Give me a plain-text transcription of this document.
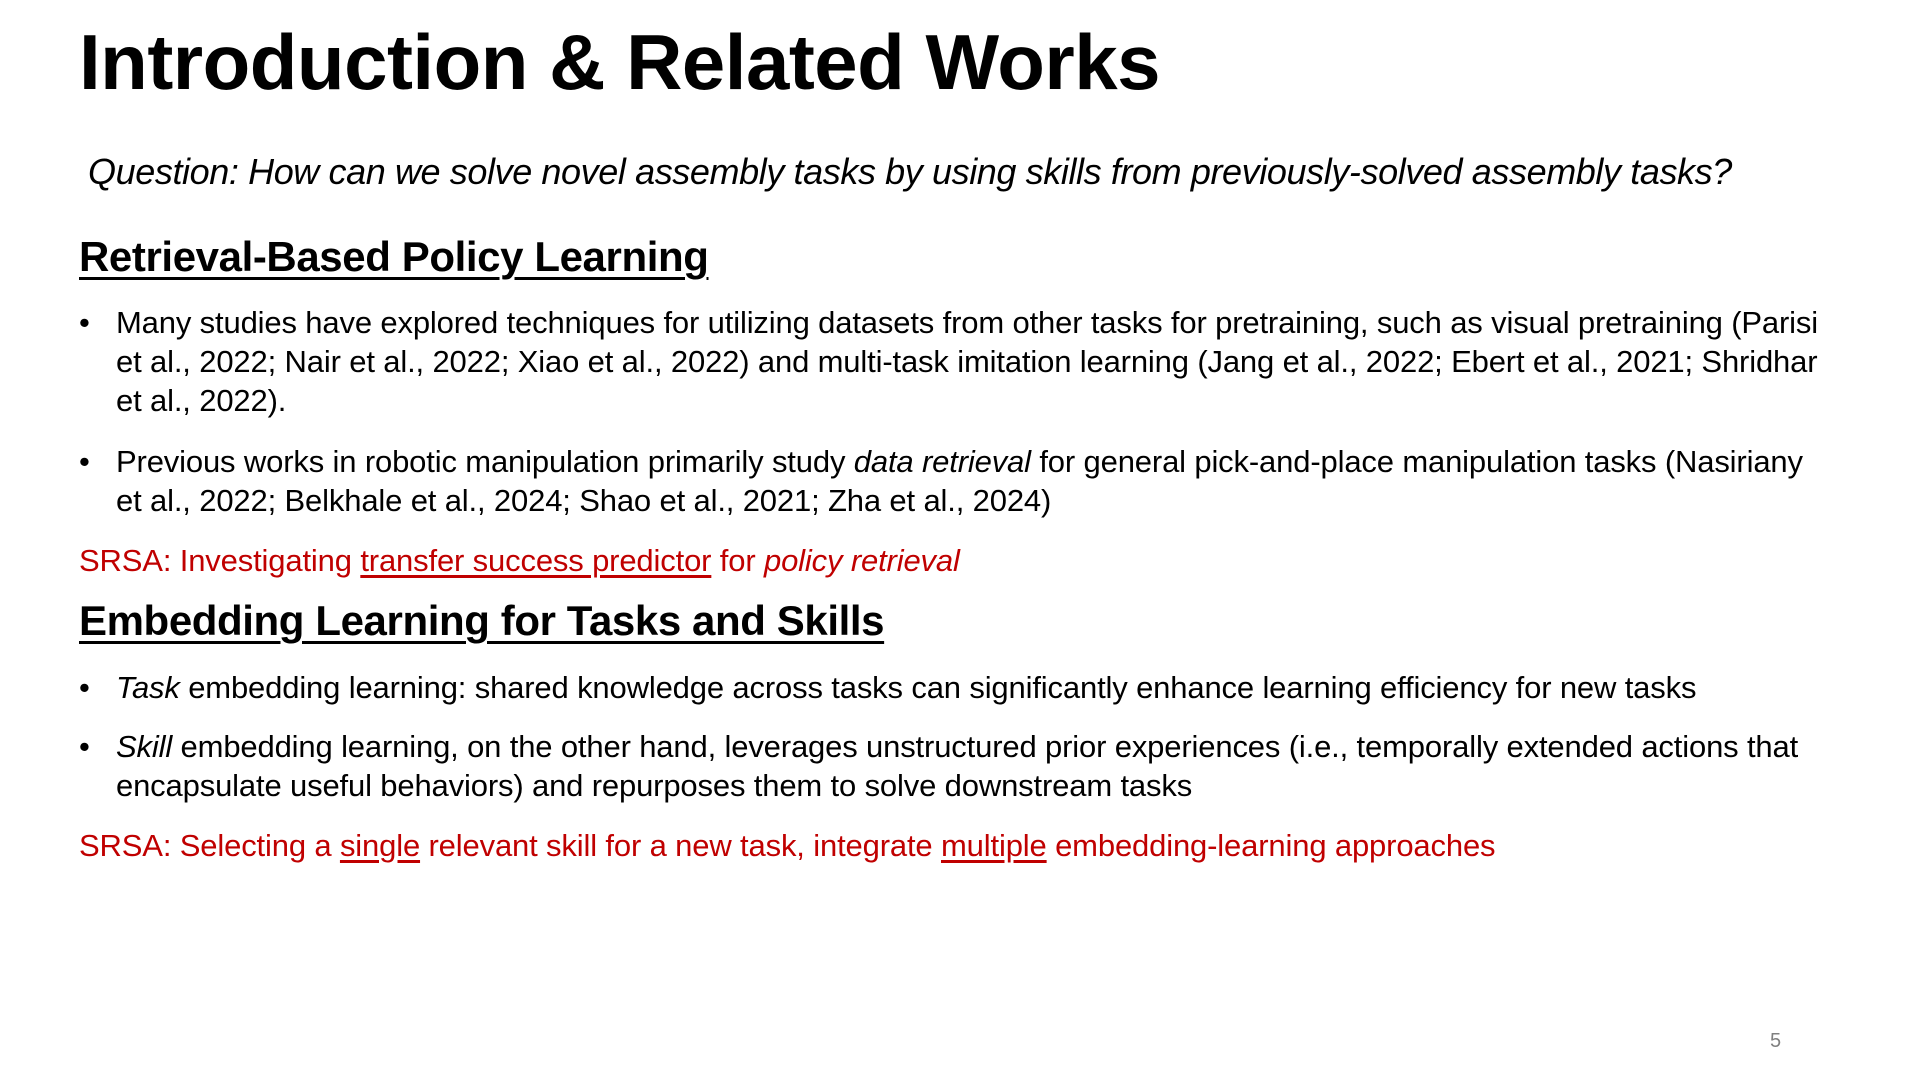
Introduction & Related Works

Question: How can we solve novel assembly tasks by using skills from previously-solved assembly tasks?

Retrieval-Based Policy Learning
• Many studies have explored techniques for utilizing datasets from other tasks for pretraining, such as visual pretraining (Parisi et al., 2022; Nair et al., 2022; Xiao et al., 2022) and multi-task imitation learning (Jang et al., 2022; Ebert et al., 2021; Shridhar et al., 2022).
• Previous works in robotic manipulation primarily study data retrieval for general pick-and-place manipulation tasks (Nasiriany et al., 2022; Belkhale et al., 2024; Shao et al., 2021; Zha et al., 2024)

SRSA: Investigating transfer success predictor for policy retrieval

Embedding Learning for Tasks and Skills
• Task embedding learning: shared knowledge across tasks can significantly enhance learning efficiency for new tasks
• Skill embedding learning, on the other hand, leverages unstructured prior experiences (i.e., temporally extended actions that encapsulate useful behaviors) and repurposes them to solve downstream tasks

SRSA: Selecting a single relevant skill for a new task, integrate multiple embedding-learning approaches

5
